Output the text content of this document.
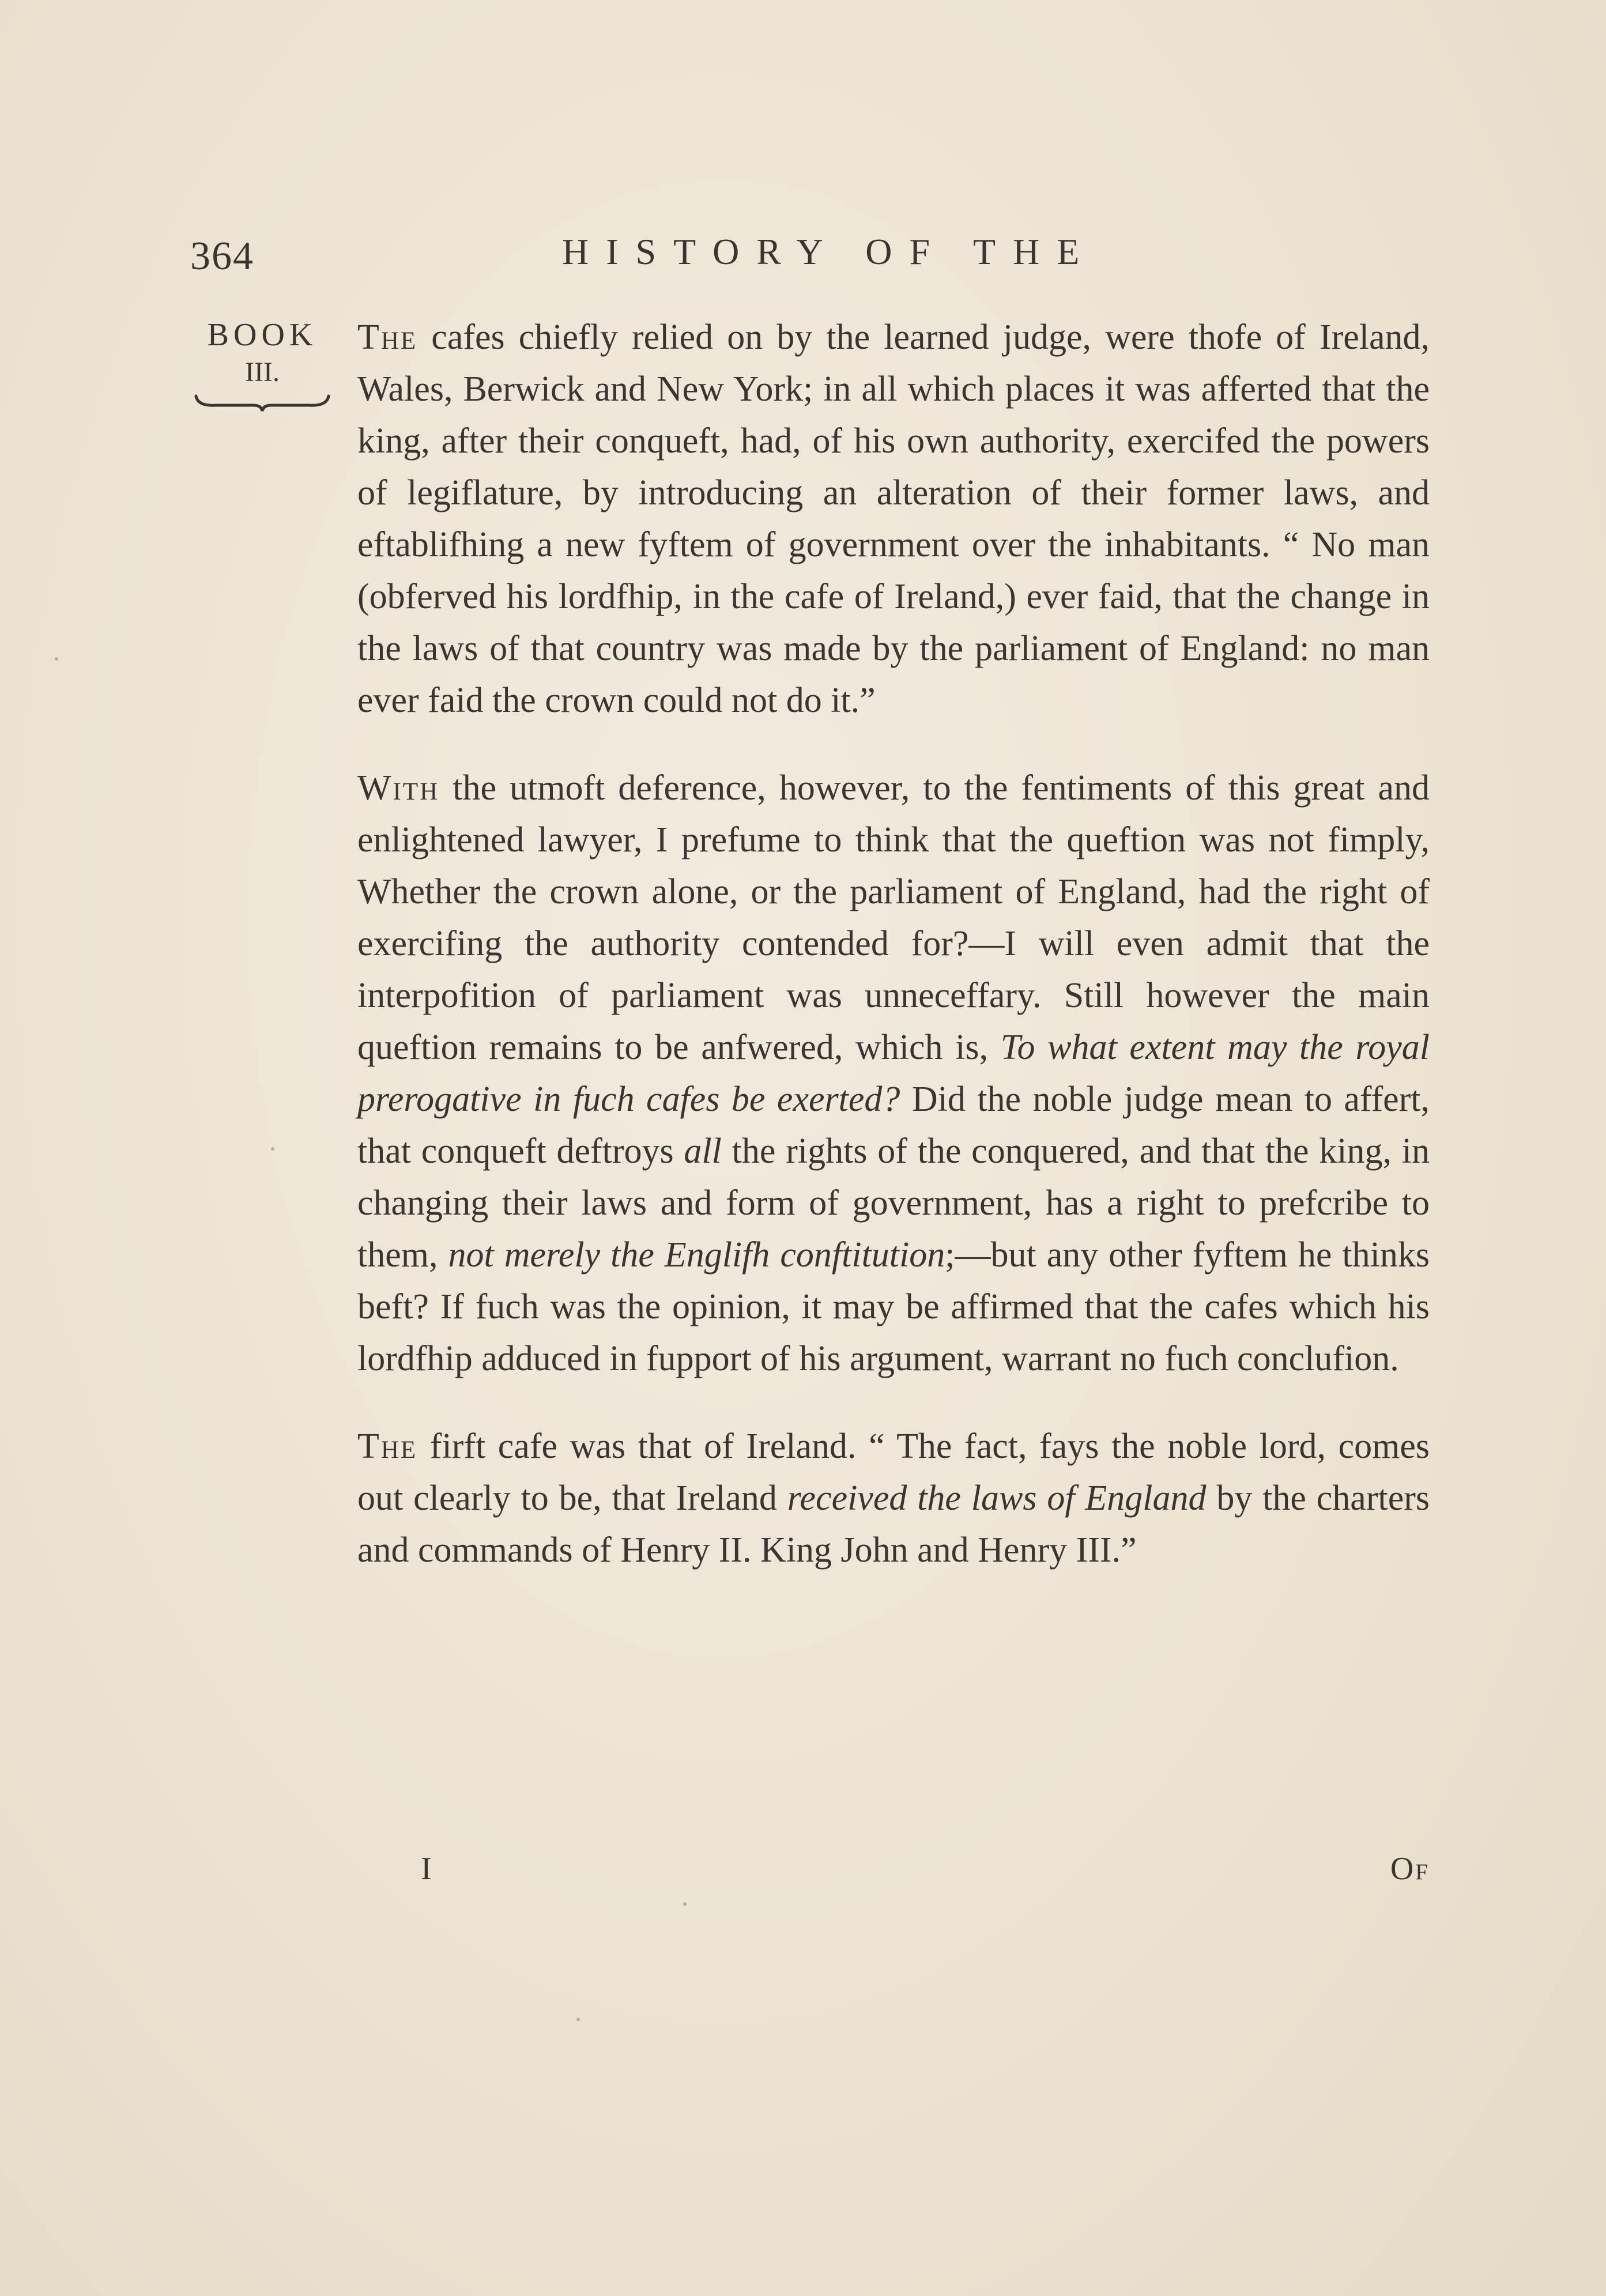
364	HISTORY OF THE
BOOK
III.

The cafes chiefly relied on by the learned judge, were thofe of Ireland, Wales, Berwick and New York; in all which places it was afferted that the king, after their conqueft, had, of his own authority, exercifed the powers of legiflature, by introducing an alteration of their former laws, and eftablifhing a new fyftem of government over the inhabitants. “ No man (obferved his lordfhip, in the cafe of Ireland,) ever faid, that the change in the laws of that country was made by the parliament of England: no man ever faid the crown could not do it.”

With the utmoft deference, however, to the fentiments of this great and enlightened lawyer, I prefume to think that the queftion was not fimply, Whether the crown alone, or the parliament of England, had the right of exercifing the authority contended for?—I will even admit that the interpofition of parliament was unneceffary. Still however the main queftion remains to be anfwered, which is, To what extent may the royal prerogative in fuch cafes be exerted? Did the noble judge mean to affert, that conqueft deftroys all the rights of the conquered, and that the king, in changing their laws and form of government, has a right to prefcribe to them, not merely the Englifh conftitution;—but any other fyftem he thinks beft? If fuch was the opinion, it may be affirmed that the cafes which his lordfhip adduced in fupport of his argument, warrant no fuch conclufion.

The firft cafe was that of Ireland. “ The fact, fays the noble lord, comes out clearly to be, that Ireland received the laws of England by the charters and commands of Henry II. King John and Henry III.”

I	Of
